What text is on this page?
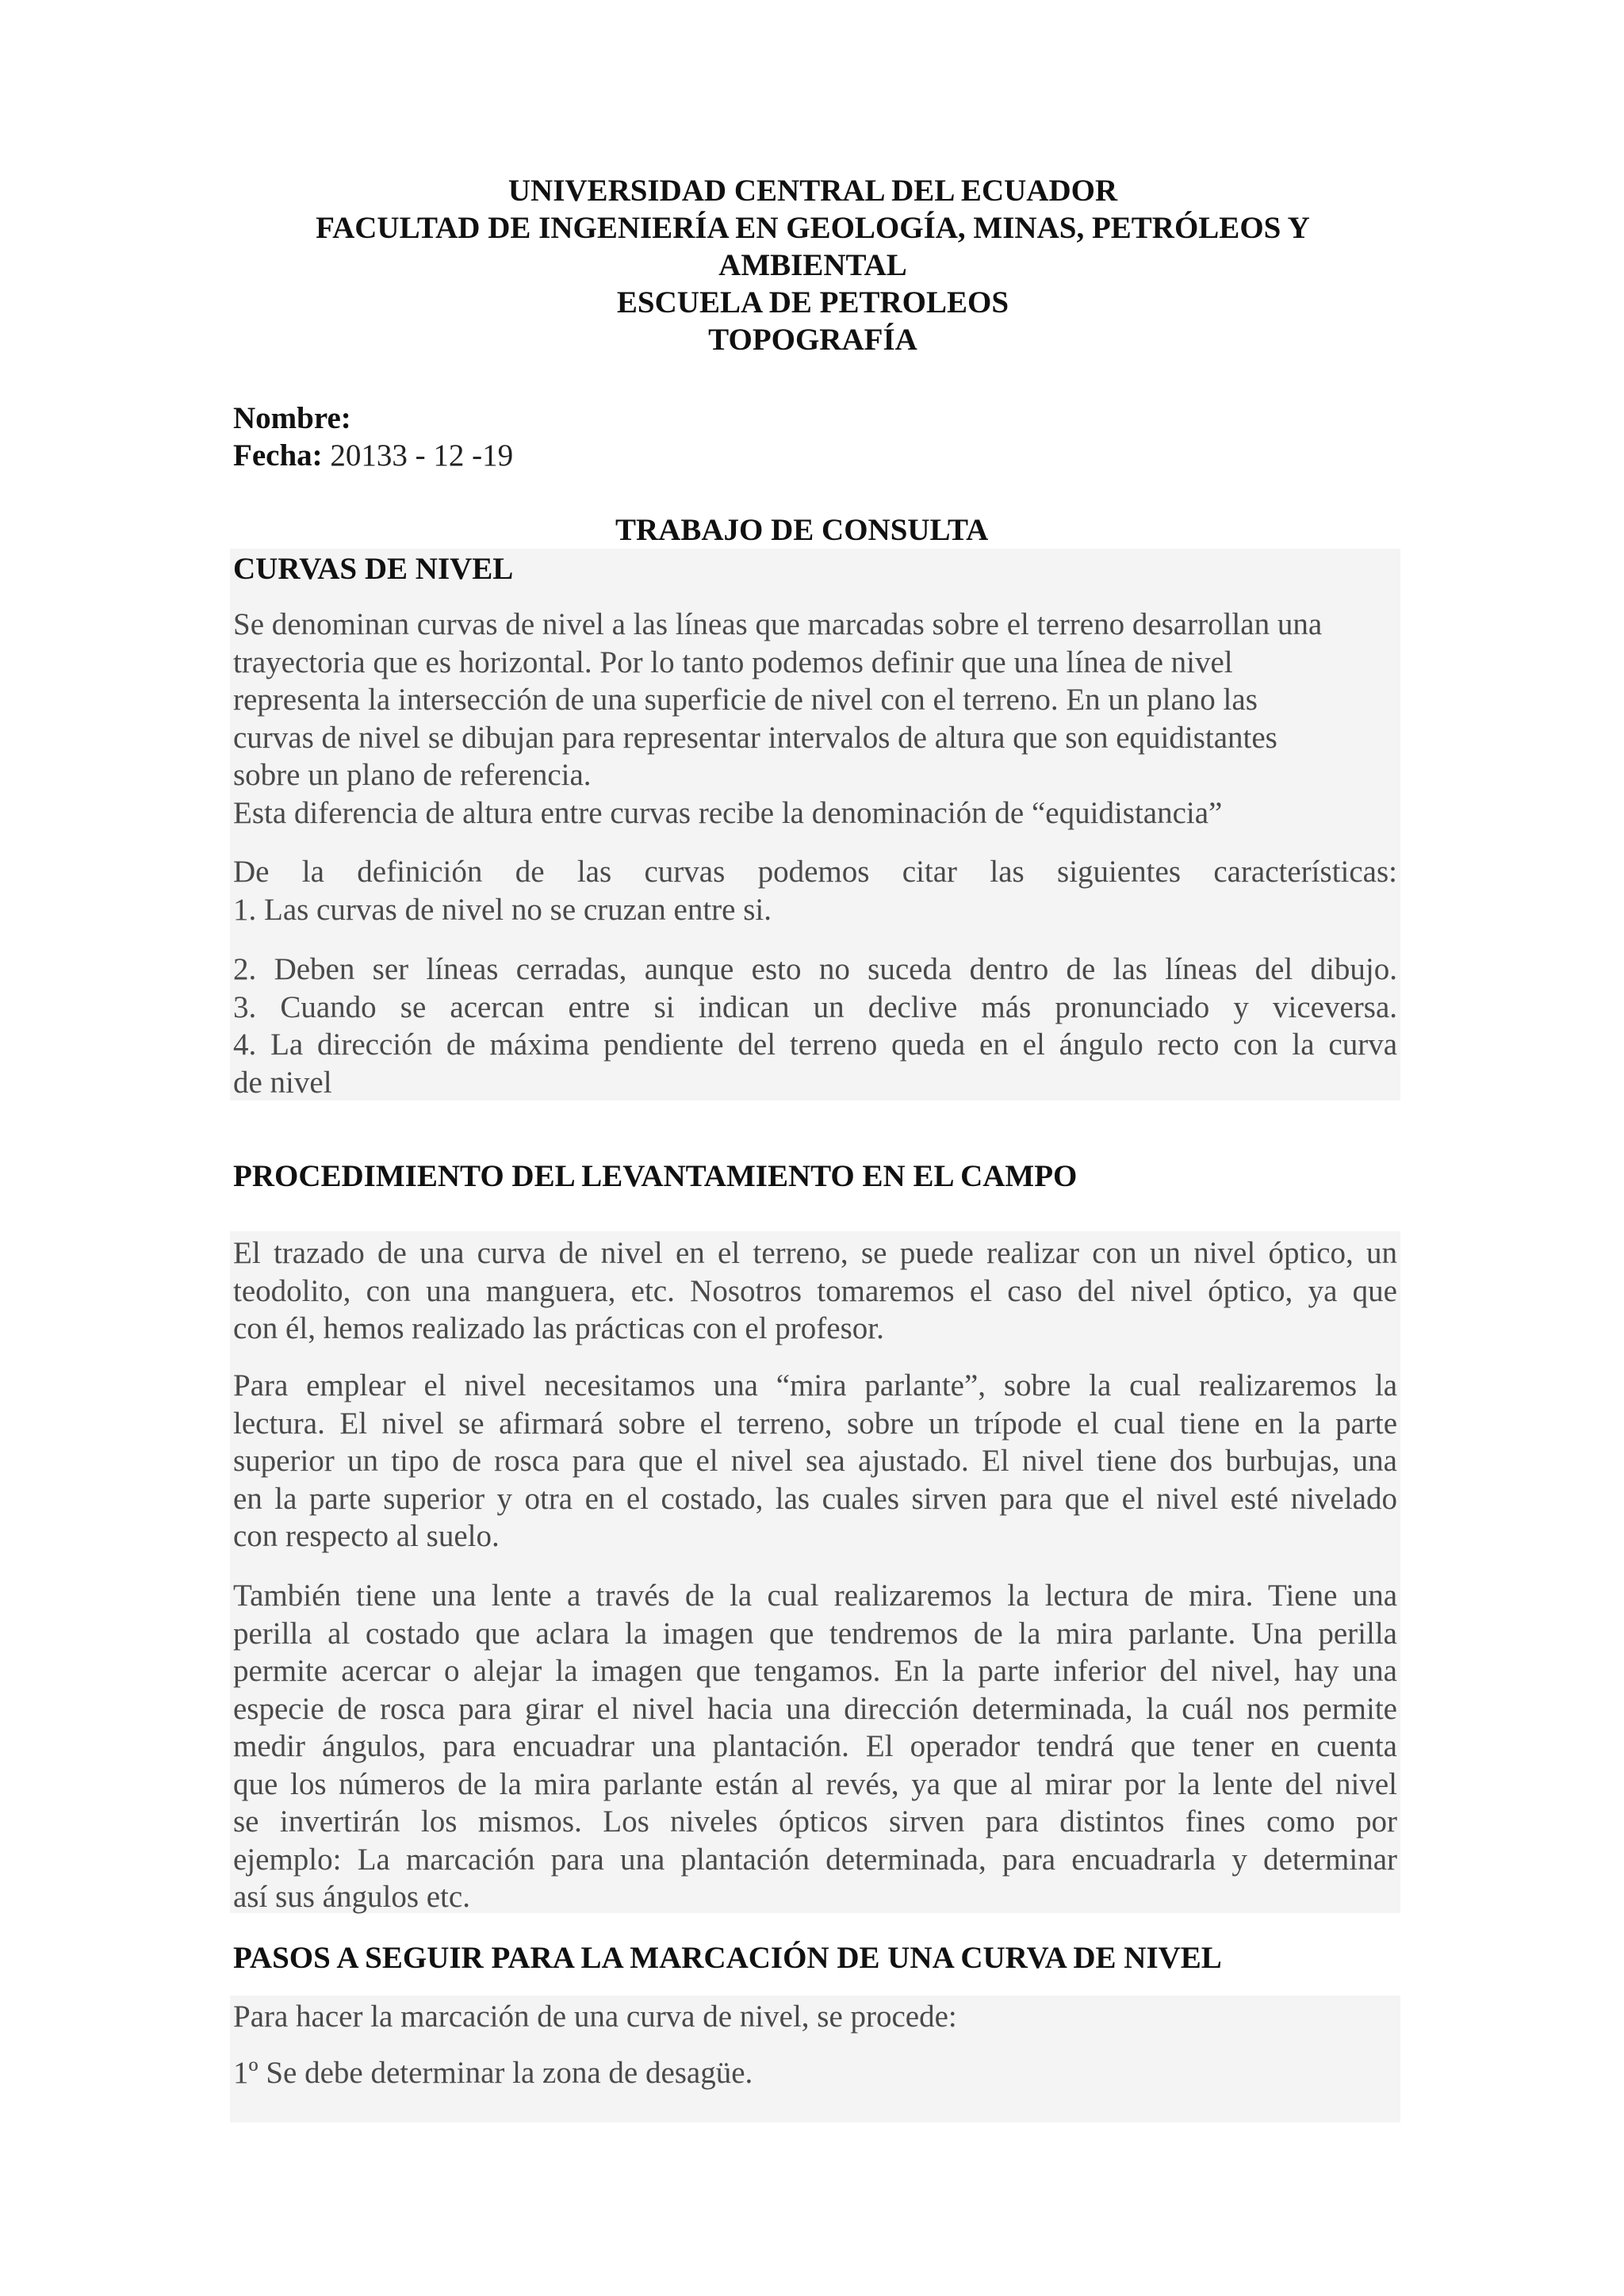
UNIVERSIDAD CENTRAL DEL ECUADOR
FACULTAD DE INGENIERÍA EN GEOLOGÍA, MINAS, PETRÓLEOS Y
AMBIENTAL
ESCUELA DE PETROLEOS
TOPOGRAFÍA
Nombre:
Fecha: 20133 - 12 -19
TRABAJO DE CONSULTA
CURVAS DE NIVEL
Se denominan curvas de nivel a las líneas que marcadas sobre el terreno desarrollan una
trayectoria que es horizontal. Por lo tanto podemos definir que una línea de nivel
representa la intersección de una superficie de nivel con el terreno. En un plano las
curvas de nivel se dibujan para representar intervalos de altura que son equidistantes
sobre un plano de referencia.
Esta diferencia de altura entre curvas recibe la denominación de “equidistancia”
De la definición de las curvas podemos citar las siguientes características:
1. Las curvas de nivel no se cruzan entre si.
2. Deben ser líneas cerradas, aunque esto no suceda dentro de las líneas del dibujo.
3. Cuando se acercan entre si indican un declive más pronunciado y viceversa.
4. La dirección de máxima pendiente del terreno queda en el ángulo recto con la curva
de nivel
PROCEDIMIENTO DEL LEVANTAMIENTO EN EL CAMPO
El trazado de una curva de nivel en el terreno, se puede realizar con un nivel óptico, un
teodolito, con una manguera, etc. Nosotros tomaremos el caso del nivel óptico, ya que
con él, hemos realizado las prácticas con el profesor.
Para emplear el nivel necesitamos una “mira parlante”, sobre la cual realizaremos la
lectura. El nivel se afirmará sobre el terreno, sobre un trípode el cual tiene en la parte
superior un tipo de rosca para que el nivel sea ajustado. El nivel tiene dos burbujas, una
en la parte superior y otra en el costado, las cuales sirven para que el nivel esté nivelado
con respecto al suelo.
También tiene una lente a través de la cual realizaremos la lectura de mira. Tiene una
perilla al costado que aclara la imagen que tendremos de la mira parlante. Una perilla
permite acercar o alejar la imagen que tengamos. En la parte inferior del nivel, hay una
especie de rosca para girar el nivel hacia una dirección determinada, la cuál nos permite
medir ángulos, para encuadrar una plantación. El operador tendrá que tener en cuenta
que los números de la mira parlante están al revés, ya que al mirar por la lente del nivel
se invertirán los mismos. Los niveles ópticos sirven para distintos fines como por
ejemplo: La marcación para una plantación determinada, para encuadrarla y determinar
así sus ángulos etc.
PASOS A SEGUIR PARA LA MARCACIÓN DE UNA CURVA DE NIVEL
Para hacer la marcación de una curva de nivel, se procede:
1º Se debe determinar la zona de desagüe.
